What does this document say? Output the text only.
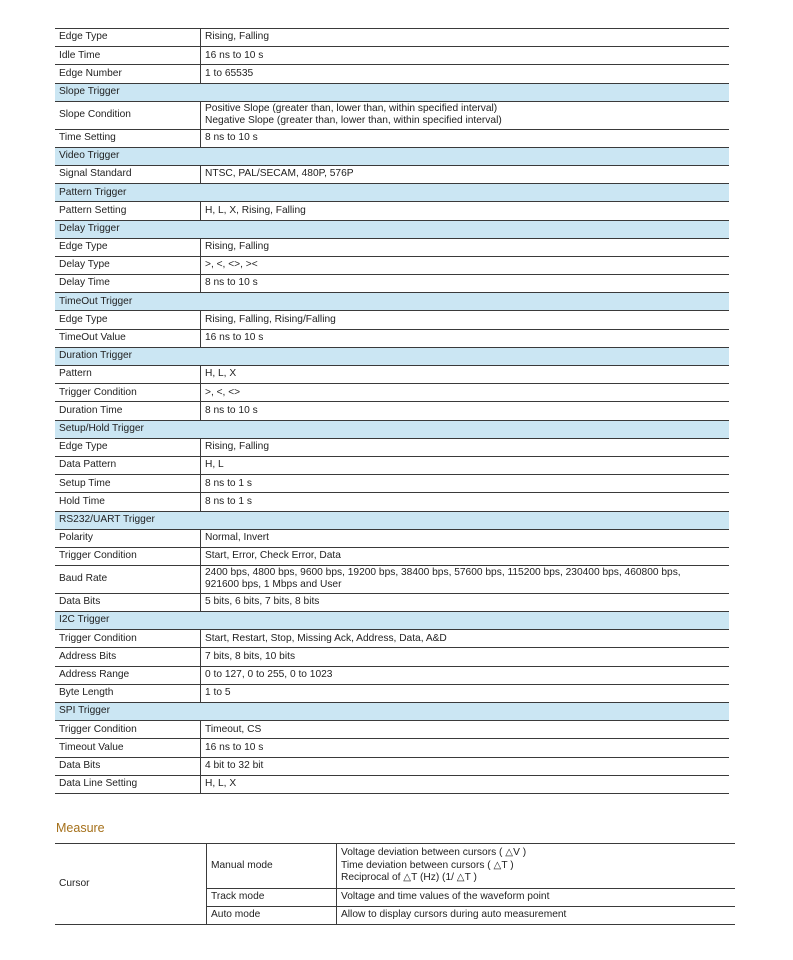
Edge Type	Rising, Falling
Idle Time	16 ns to 10 s
Edge Number	1 to 65535
Slope Trigger	
Slope Condition	Positive Slope (greater than, lower than, within specified interval)
Negative Slope (greater than, lower than, within specified interval)
Time Setting	8 ns to 10 s
Video Trigger	
Signal Standard	NTSC, PAL/SECAM, 480P, 576P
Pattern Trigger	
Pattern Setting	H, L, X, Rising, Falling
Delay Trigger	
Edge Type	Rising, Falling
Delay Type	>, <, <>, ><
Delay Time	8 ns to 10 s
TimeOut Trigger	
Edge Type	Rising, Falling, Rising/Falling
TimeOut Value	16 ns to 10 s
Duration Trigger	
Pattern	H, L, X
Trigger Condition	>, <, <>
Duration Time	8 ns to 10 s
Setup/Hold Trigger	
Edge Type	Rising, Falling
Data Pattern	H, L
Setup Time	8 ns to 1 s
Hold Time	8 ns to 1 s
RS232/UART Trigger	
Polarity	Normal, Invert
Trigger Condition	Start, Error, Check Error, Data
Baud Rate	2400 bps, 4800 bps, 9600 bps, 19200 bps, 38400 bps, 57600 bps, 115200 bps, 230400 bps, 460800 bps,
921600 bps, 1 Mbps and User
Data Bits	5 bits, 6 bits, 7 bits, 8 bits
I2C Trigger	
Trigger Condition	Start, Restart, Stop, Missing Ack, Address, Data, A&D
Address Bits	7 bits, 8 bits, 10 bits
Address Range	0 to 127, 0 to 255, 0 to 1023
Byte Length	1 to 5
SPI Trigger	
Trigger Condition	Timeout, CS
Timeout Value	16 ns to 10 s
Data Bits	4 bit to 32 bit
Data Line Setting	H, L, X
Measure
Cursor	Manual mode	Voltage deviation between cursors ( △V )
Time deviation between cursors ( △T )
Reciprocal of △T (Hz) (1/ △T )
	Track mode	Voltage and time values of the waveform point
	Auto mode	Allow to display cursors during auto measurement
